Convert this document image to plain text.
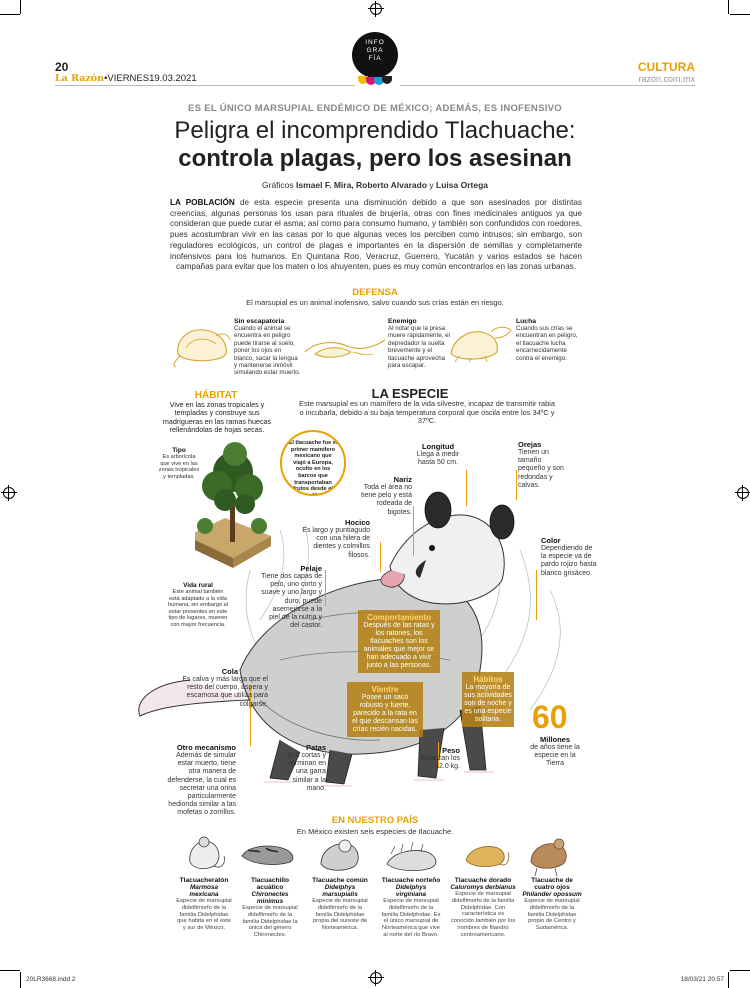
20
La Razón•VIERNES19.03.2021
CULTURA
razon.com.mx
INFO
GRA
FÍA
ES EL ÚNICO MARSUPIAL ENDÉMICO DE MÉXICO; ADEMÁS, ES INOFENSIVO
Peligra el incomprendido Tlachuache:
controla plagas, pero los asesinan
Gráficos Ismael F. Mira, Roberto Alvarado y Luisa Ortega
LA POBLACIÓN de esta especie presenta una disminución debido a que son asesinados por distintas creencias, algunas personas los usan para rituales de brujería, otras con fines medicinales antiguos ya que consideran que puede curar el asma; así como para consumo humano, y también son confundidos con roedores, pues acostumbran vivir en las casas por lo que algunas veces los perciben como intrusos; sin embargo, son reguladores ecológicos, un control de plagas e importantes en la dispersión de semillas y completamente inofensivos para los humanos. En Quintana Roo, Veracruz, Guerrero, Yucatán y varios estados se hacen campañas para evitar que los maten o los ahuyenten, pues es muy común encontrarlos en las zonas urbanas.
DEFENSA
El marsupial es un animal inofensivo, salvo cuando sus crías están en riesgo.
Sin escapatoria
Cuando el animal se encuentra en peligro puede tirarse al suelo, poner los ojos en blanco, sacar la lengua y mantenerse inmóvil simulando estar muerto.
Enemigo
Al notar que la presa muere rápidamente, el depredador la suelta brevemente y el tlacuache aprovecha para escapar.
Lucha
Cuando sus crías se encuentran en peligro, el tlacuache lucha encarnecidamente contra el enemigo.
HÁBITAT
Vive en las zonas tropicales y templadas y construye sus madrigueras en las ramas huecas rellenándolas de hojas secas.
Tipo
Es arborícola que vive en las zonas tropicales y templadas.
Vida rural
Este animal también está adaptado a la vida humana, sin embargo al estar presentes en este tipo de lugares, mueren con mayor frecuencia.
LA ESPECIE
Este marsupial es un mamífero de la vida silvestre, incapaz de transmitir rabia o incubarla, debido a su baja temperatura corporal que oscila entre los 34ºC y 37ºC.
El tlacuache fue el primer mamífero mexicano que viajó a Europa, oculto en los barcos que transportaban frutos desde el Nuevo Mundo.
Longitud
Llega a medir hasta 50 cm.
Orejas
Tienen un tamaño pequeño y son redondas y calvas.
Nariz
Toda el área no tiene pelo y está rodeada de bigotes.
Hocico
Es largo y puntiagudo con una hilera de dientes y colmillos filosos.
Color
Dependiendo de la especie va de pardo rojizo hasta blanco grisáceo.
Pelaje
Tiene dos capas de pelo, uno corto y suave y uno largo y duro, puede asemejarse a la piel de la nutria y del castor.
Cola
Es calva y más larga que el resto del cuerpo, áspera y escamosa que utiliza para colgarse.
Otro mecanismo
Además de simular estar muerto, tiene otra manera de defenderse, la cual es secretar una orina particularmente hedionda similar a las mofetas o zorrillos.
Patas
Son cortas y terminan en una garra similar a la mano.
Peso
Alcanzan los 2.0 kg.
Comportamiento
Después de las ratas y los ratones, los tlacuaches son los animales que mejor se han adecuado a vivir junto a las personas.
Vientre
Posee un saco robusto y fuerte, parecido a la rata en el que descansan las crías recién nacidas.
Hábitos
La mayoría de sus actividades son de noche y es una especie solitaria. 60
Millones
de años tiene la especie en la Tierra
EN NUESTRO PAÍS
En México existen seis especies de tlacuache.
Tlacuacheratón
Marmosa mexicana
Especie de marsupial didelfimorfo de la familia Didelphidae que habita en el este y sur de México.
Tlacuachillo acuático
Chironectes minimus
Especie de marsupial didelfimorfo de la familia Didelphidae la única del género Chironectes.
Tlacuache común
Didelphys marsupialis
Especie de marsupial didelfimorfo de la familia Didelphidae propia del sureste de Norteamérica.
Tlacuache norteño
Didelphys virginiana
Especie de marsupial didelfimorfo de la familia Didelphidae. Es el único marsupial de Norteamérica que vive al norte del río Bravo.
Tlacuache dorado
Caluromys derbianus
Especie de marsupial didelfimorfo de la familia Didelphidae. Con característica es conocido también por los nombres de filandro centroamericano.
Tlacuache de cuatro ojos
Philander opossum
Especie de marsupial didelfimorfo de la familia Didelphidae propio de Centro y Sudamérica.
20LR3668.indd 2	18/03/21 20:57
